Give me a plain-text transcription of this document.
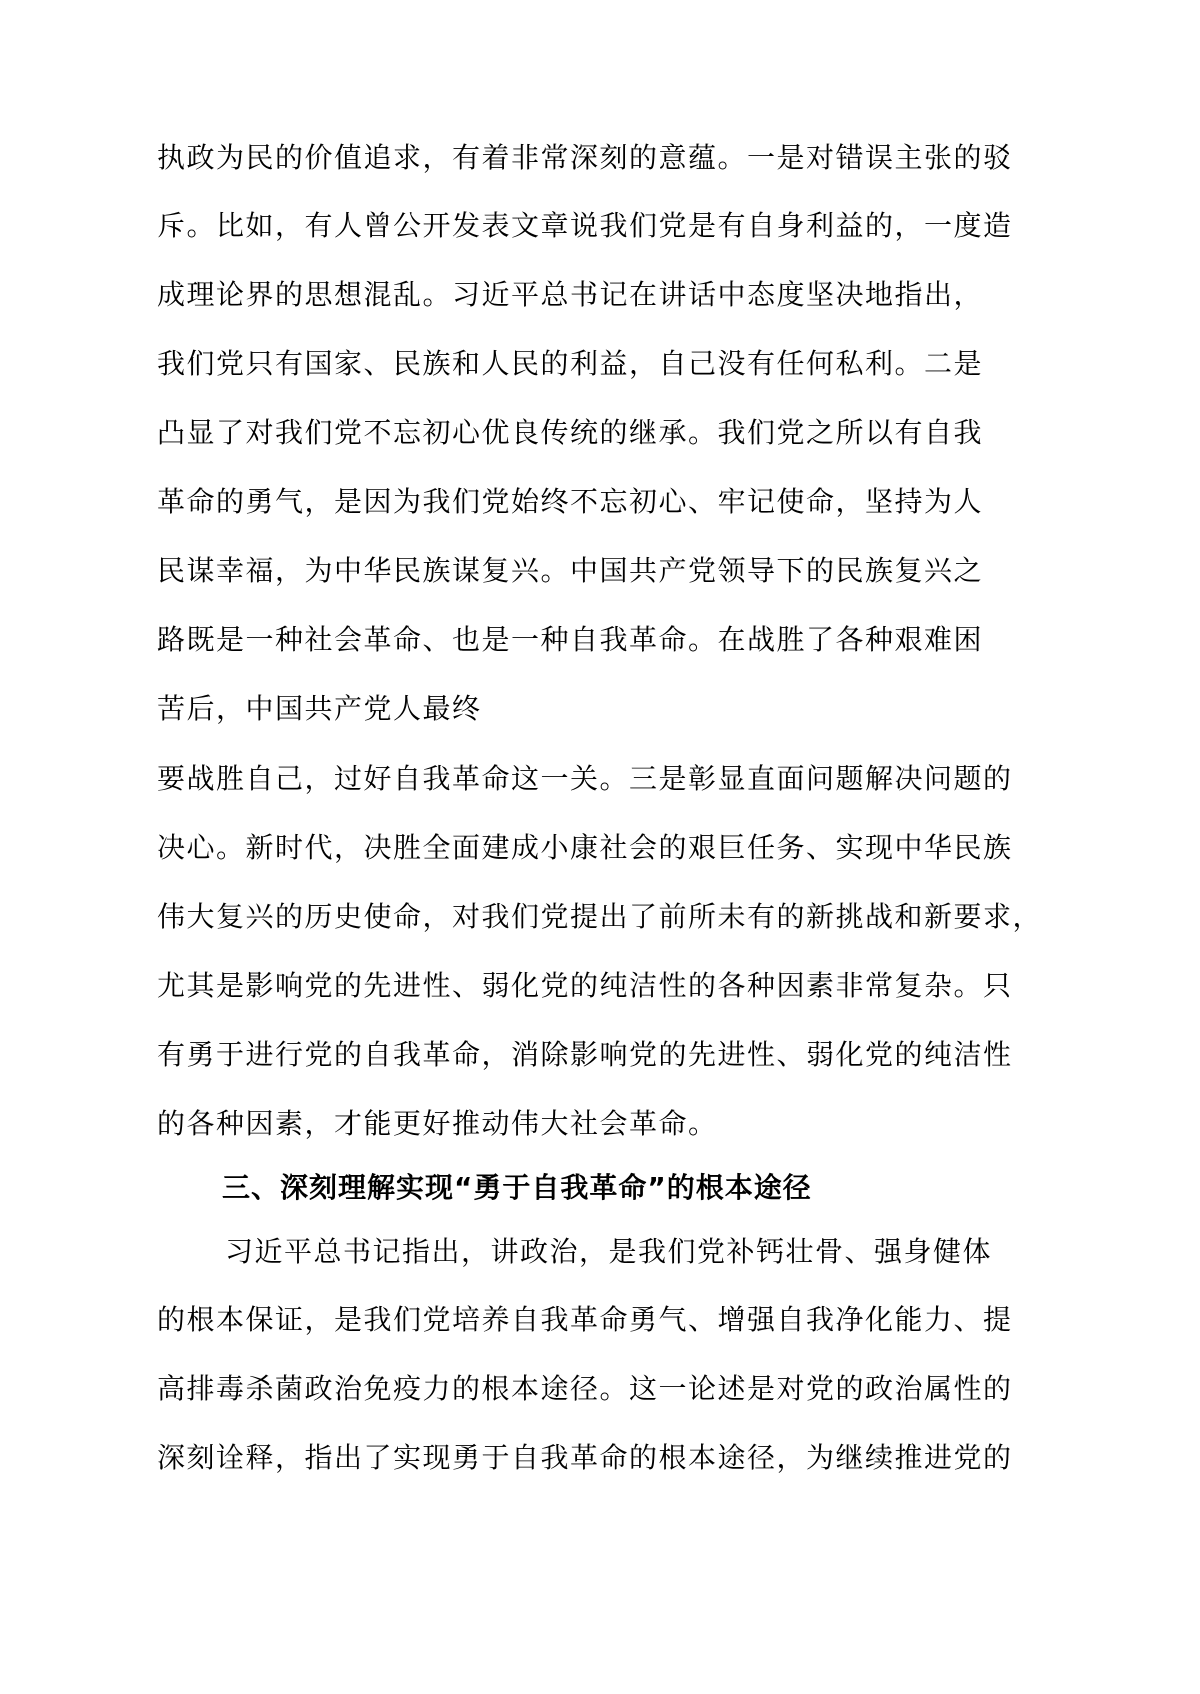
执政为民的价值追求，有着非常深刻的意蕴。一是对错误主张的驳
斥。比如，有人曾公开发表文章说我们党是有自身利益的，一度造
成理论界的思想混乱。习近平总书记在讲话中态度坚决地指出，
我们党只有国家、民族和人民的利益，自己没有任何私利。二是
凸显了对我们党不忘初心优良传统的继承。我们党之所以有自我
革命的勇气，是因为我们党始终不忘初心、牢记使命，坚持为人
民谋幸福，为中华民族谋复兴。中国共产党领导下的民族复兴之
路既是一种社会革命、也是一种自我革命。在战胜了各种艰难困
苦后，中国共产党人最终
要战胜自己，过好自我革命这一关。三是彰显直面问题解决问题的
决心。新时代，决胜全面建成小康社会的艰巨任务、实现中华民族
伟大复兴的历史使命，对我们党提出了前所未有的新挑战和新要求，
尤其是影响党的先进性、弱化党的纯洁性的各种因素非常复杂。只
有勇于进行党的自我革命，消除影响党的先进性、弱化党的纯洁性
的各种因素，才能更好推动伟大社会革命。
三、深刻理解实现“勇于自我革命”的根本途径
习近平总书记指出，讲政治，是我们党补钙壮骨、强身健体
的根本保证，是我们党培养自我革命勇气、增强自我净化能力、提
高排毒杀菌政治免疫力的根本途径。这一论述是对党的政治属性的
深刻诠释，指出了实现勇于自我革命的根本途径，为继续推进党的
